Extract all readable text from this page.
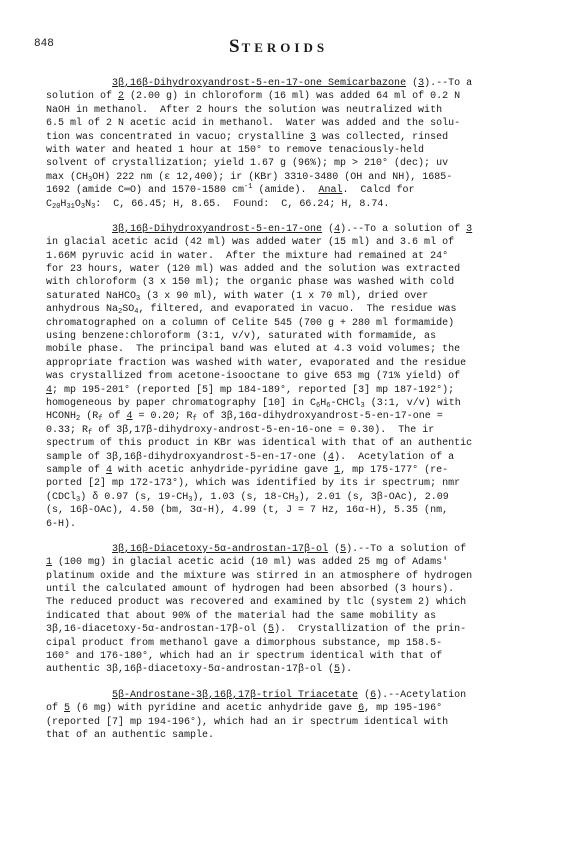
848	STEROIDS
3β,16β-Dihydroxyandrost-5-en-17-one Semicarbazone (3).--To a
solution of 2 (2.00 g) in chloroform (16 ml) was added 64 ml of 0.2 N
NaOH in methanol.  After 2 hours the solution was neutralized with
6.5 ml of 2 N acetic acid in methanol.  Water was added and the solu-
tion was concentrated in vacuo; crystalline 3 was collected, rinsed
with water and heated 1 hour at 150° to remove tenaciously-held
solvent of crystallization; yield 1.67 g (96%); mp > 210° (dec); uv
$\max (CH_3OH)$ 222 nm (ε 12,400); ir (KBr) 3310-3480 (OH and NH), 1685-
1692 (amide C═O) and 1570-1580 $cm^{-1}$ (amide).  Anal.  Calcd for
$C_{20}H_{31}O_3N_3$:  C, 66.45; H, 8.65.  Found:  C, 66.24; H, 8.74.
3β,16β-Dihydroxyandrost-5-en-17-one (4).--To a solution of 3
in glacial acetic acid (42 ml) was added water (15 ml) and 3.6 ml of
1.66M pyruvic acid in water.  After the mixture had remained at 24°
for 23 hours, water (120 ml) was added and the solution was extracted
with chloroform (3 x 150 ml); the organic phase was washed with cold
saturated NaHCO$_3$ (3 x 90 ml), with water (1 x 70 ml), dried over
anhydrous $Na_2SO_4$, filtered, and evaporated in vacuo.  The residue was
chromatographed on a column of Celite 545 (700 g + 280 ml formamide)
using benzene:chloroform (3:1, v/v), saturated with formamide, as
mobile phase.  The principal band was eluted at 4.3 void volumes; the
appropriate fraction was washed with water, evaporated and the residue
was crystallized from acetone-isooctane to give 653 mg (71% yield) of
4; mp 195-201° (reported [5] mp 184-189°, reported [3] mp 187-192°);
homogeneous by paper chromatography [10] in $C_6H_6-CHCl_3$ (3:1, v/v) with
$HCONH_2$ ($R_f$ of 4 = 0.20; $R_f$ of 3β,16α-dihydroxyandrost-5-en-17-one =
0.33; $R_f$ of 3β,17β-dihydroxy-androst-5-en-16-one = 0.30).  The ir
spectrum of this product in KBr was identical with that of an authentic
sample of 3β,16β-dihydroxyandrost-5-en-17-one (4).  Acetylation of a
sample of 4 with acetic anhydride-pyridine gave 1, mp 175-177° (re-
ported [2] mp 172-173°), which was identified by its ir spectrum; nmr
(CDCl$_3$) δ 0.97 (s, $19-CH_3$), 1.03 (s, $18-CH_3$), 2.01 (s, 3β-OAc), 2.09
(s, 16β-OAc), 4.50 (bm, 3α-H), 4.99 (t, J = 7 Hz, 16α-H), 5.35 (nm,
6-H).
3β,16β-Diacetoxy-5α-androstan-17β-ol (5).--To a solution of
1 (100 mg) in glacial acetic acid (10 ml) was added 25 mg of Adams'
platinum oxide and the mixture was stirred in an atmosphere of hydrogen
until the calculated amount of hydrogen had been absorbed (3 hours).
The reduced product was recovered and examined by tlc (system 2) which
indicated that about 90% of the material had the same mobility as
3β,16-diacetoxy-5α-androstan-17β-ol (5).  Crystallization of the prin-
cipal product from methanol gave a dimorphous substance, mp 158.5-
160° and 176-180°, which had an ir spectrum identical with that of
authentic 3β,16β-diacetoxy-5α-androstan-17β-ol (5).
5β-Androstane-3β,16β,17β-triol Triacetate (6).--Acetylation
of 5 (6 mg) with pyridine and acetic anhydride gave 6, mp 195-196°
(reported [7] mp 194-196°), which had an ir spectrum identical with
that of an authentic sample.
